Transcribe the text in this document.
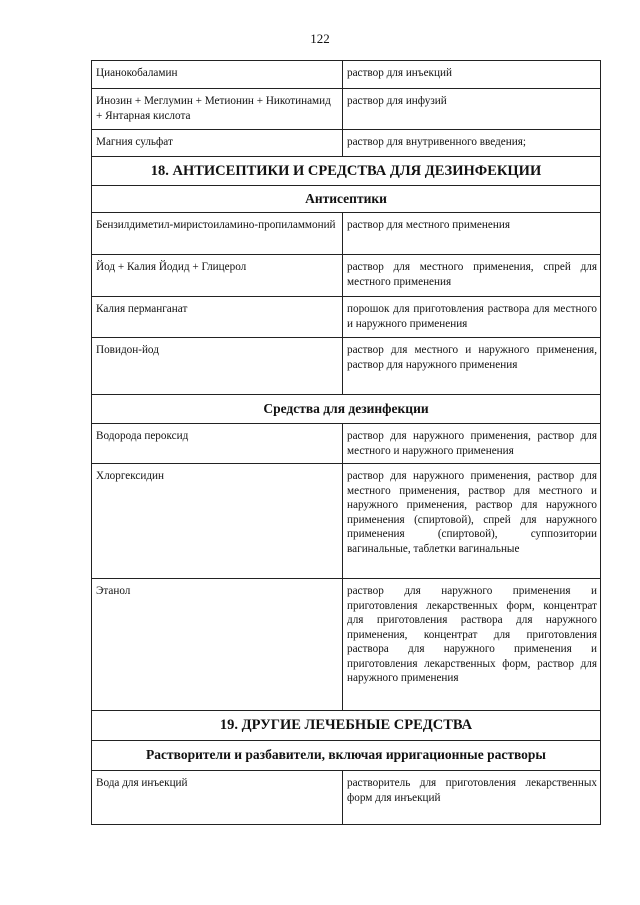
122
Цианокобаламин	раствор для инъекций
Инозин + Меглумин + Метионин + Никотинамид + Янтарная кислота	раствор для инфузий
Магния сульфат	раствор для внутривенного введения;
18. АНТИСЕПТИКИ И СРЕДСТВА ДЛЯ ДЕЗИНФЕКЦИИ	
Антисептики	
Бензилдиметил-миристоиламино-пропиламмоний	раствор для местного применения
Йод + Калия Йодид + Глицерол	раствор для местного применения, спрей для местного применения
Калия перманганат	порошок для приготовления раствора для местного и наружного применения
Повидон-йод	раствор для местного и наружного применения, раствор для наружного применения
Средства для дезинфекции	
Водорода пероксид	раствор для наружного применения, раствор для местного и наружного применения
Хлоргексидин	раствор для наружного применения, раствор для местного применения, раствор для местного и наружного применения, раствор для наружного применения (спиртовой), спрей для наружного применения (спиртовой), суппозитории вагинальные, таблетки вагинальные
Этанол	раствор для наружного применения и приготовления лекарственных форм, концентрат для приготовления раствора для наружного применения, концентрат для приготовления раствора для наружного применения и приготовления лекарственных форм, раствор для наружного применения
19. ДРУГИЕ ЛЕЧЕБНЫЕ СРЕДСТВА	
Растворители и разбавители, включая ирригационные растворы	
Вода для инъекций	растворитель для приготовления лекарственных форм для инъекций
